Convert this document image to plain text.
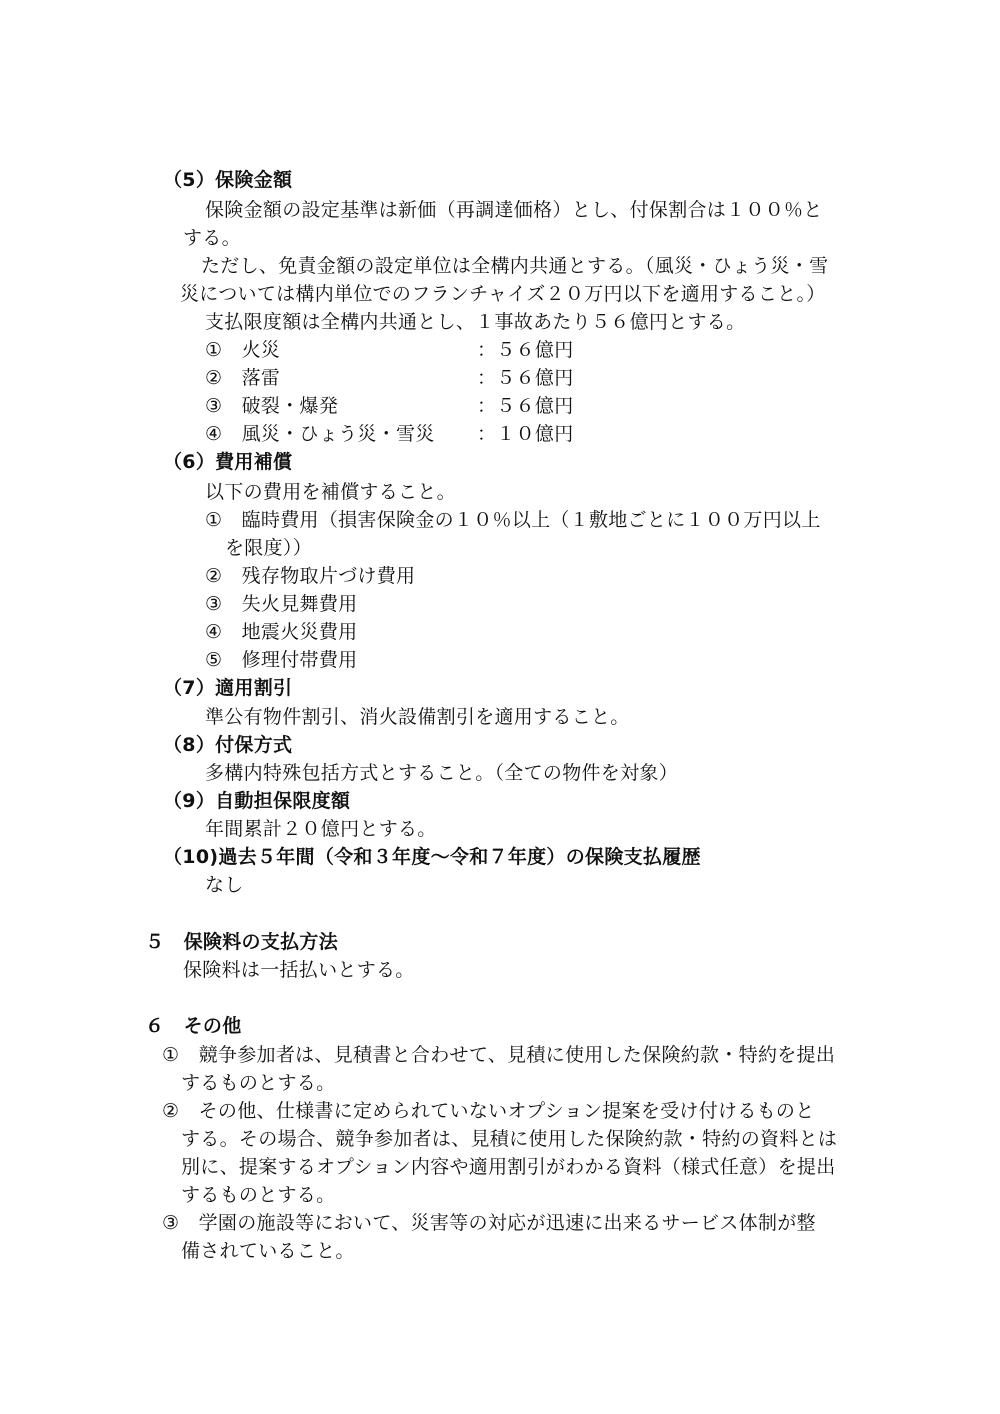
（5）保険金額
保険金額の設定基準は新価（再調達価格）とし、付保割合は１００％と
する。
ただし、免責金額の設定単位は全構内共通とする。（風災・ひょう災・雪
災については構内単位でのフランチャイズ２０万円以下を適用すること。）
支払限度額は全構内共通とし、１事故あたり５６億円とする。
①　火災	：５６億円
②　落雷	：５６億円
③　破裂・爆発	：５６億円
④　風災・ひょう災・雪災 ：１０億円
（6）費用補償
以下の費用を補償すること。
①　臨時費用（損害保険金の１０％以上（１敷地ごとに１００万円以上
を限度））
②　残存物取片づけ費用
③　失火見舞費用
④　地震火災費用
⑤　修理付帯費用
（7）適用割引
準公有物件割引、消火設備割引を適用すること。
（8）付保方式
多構内特殊包括方式とすること。（全ての物件を対象）
（9）自動担保限度額
年間累計２０億円とする。
（10)過去５年間（令和３年度～令和７年度）の保険支払履歴
なし
５　保険料の支払方法
保険料は一括払いとする。
６　その他
①　競争参加者は、見積書と合わせて、見積に使用した保険約款・特約を提出
するものとする。
②　その他、仕様書に定められていないオプション提案を受け付けるものと
する。その場合、競争参加者は、見積に使用した保険約款・特約の資料とは
別に、提案するオプション内容や適用割引がわかる資料（様式任意）を提出
するものとする。
③　学園の施設等において、災害等の対応が迅速に出来るサービス体制が整
備されていること。
